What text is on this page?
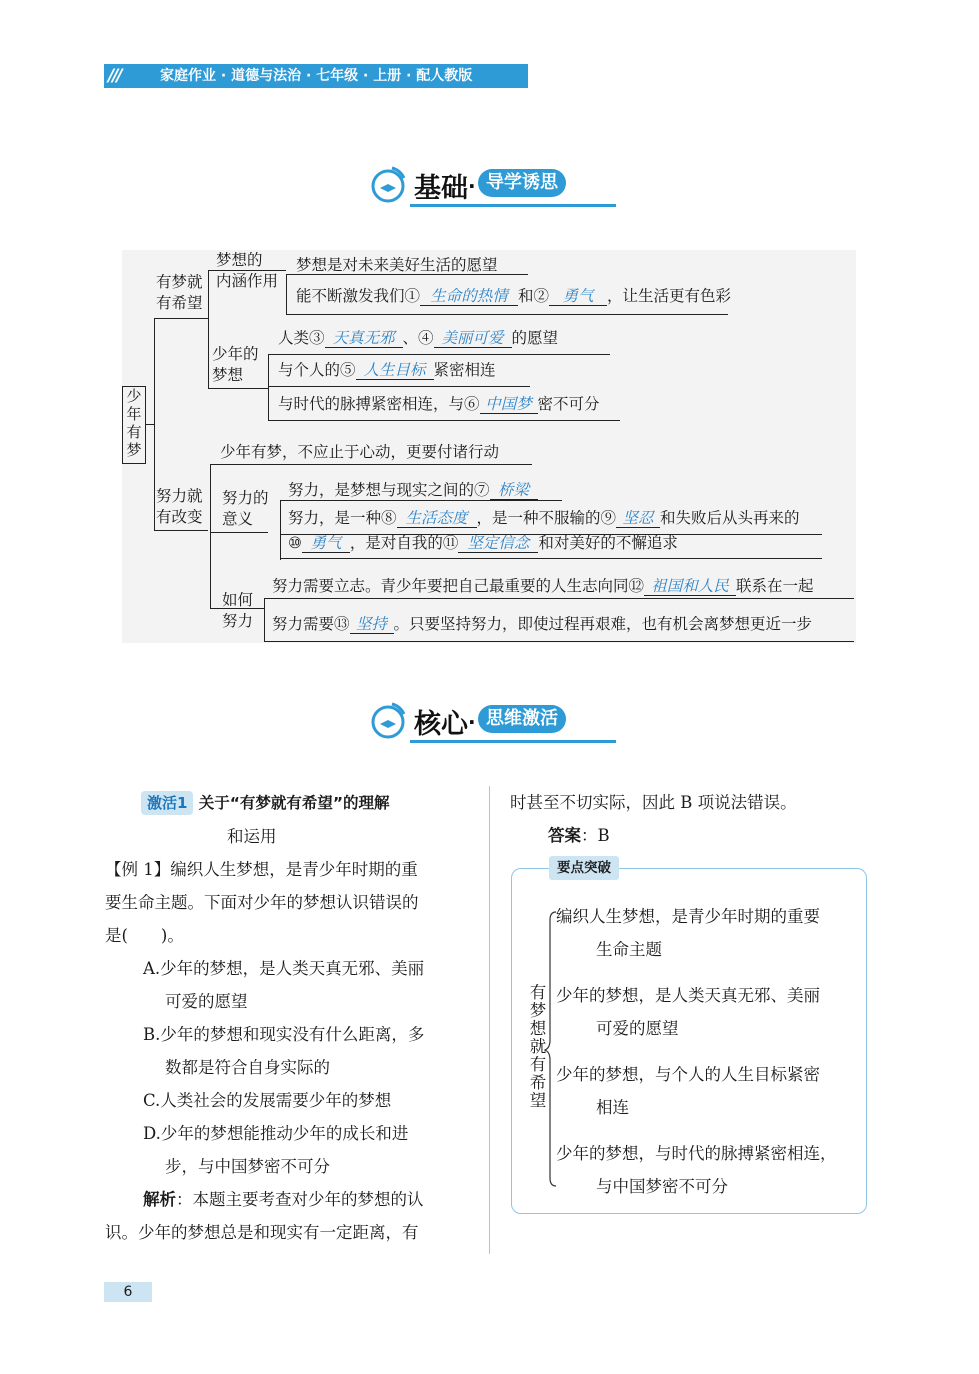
///	家庭作业 · 道德与法治 · 七年级 · 上册 · 配人教版
基础 · 导学诱思
少
年
有
梦
有梦就
有希望
梦想的
内涵作用
梦想是对未来美好生活的愿望
能不断激发我们① 生命的热情 和② 勇气 ，让生活更有色彩
少年的
梦想
人类③ 天真无邪 、④ 美丽可爱 的愿望
与个人的⑤ 人生目标 紧密相连
与时代的脉搏紧密相连，与⑥ 中国梦 密不可分
努力就
有改变
少年有梦，不应止于心动，更要付诸行动
努力的
意义
努力，是梦想与现实之间的⑦ 桥梁
努力，是一种⑧ 生活态度 ，是一种不服输的⑨ 坚忍 和失败后从头再来的
⑩ 勇气 ，是对自我的⑪ 坚定信念 和对美好的不懈追求
如何
努力
努力需要立志。青少年要把自己最重要的人生志向同⑫ 祖国和人民 联系在一起
努力需要⑬ 坚持 。只要坚持努力，即使过程再艰难，也有机会离梦想更近一步
核心 · 思维激活
激活1 关于“有梦就有希望”的理解
和运用
【例 1】编织人生梦想，是青少年时期的重
要生命主题。下面对少年的梦想认识错误的
是(　　)。
A.少年的梦想，是人类天真无邪、美丽
可爱的愿望
B.少年的梦想和现实没有什么距离，多
数都是符合自身实际的
C.人类社会的发展需要少年的梦想
D.少年的梦想能推动少年的成长和进
步，与中国梦密不可分
解析：本题主要考查对少年的梦想的认
识。少年的梦想总是和现实有一定距离，有
时甚至不切实际，因此 B 项说法错误。
答案：B
要点突破
有
梦
想
就
有
希
望
编织人生梦想，是青少年时期的重要
生命主题
少年的梦想，是人类天真无邪、美丽
可爱的愿望
少年的梦想，与个人的人生目标紧密
相连
少年的梦想，与时代的脉搏紧密相连，
与中国梦密不可分
6
